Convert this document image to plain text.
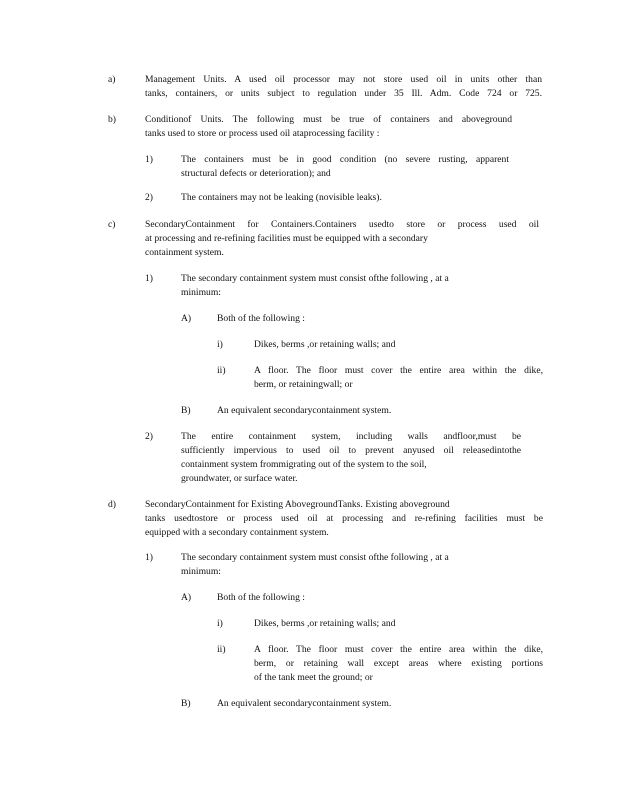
a)	Management Units. A used oil processor may not store used oil in units other than
tanks, containers, or units subject to regulation under 35 Ill. Adm. Code 724 or 725.
b)	Conditionof Units. The following must be true of containers and aboveground
tanks used to store or process used oil ataprocessing facility :
1)	The containers must be in good condition (no severe rusting, apparent
structural defects or deterioration); and
2)	The containers may not be leaking (novisible leaks).
c)	SecondaryContainment for Containers.Containers usedto store or process used oil
at processing and re-refining facilities must be equipped with a secondary
containment system.
1)	The secondary containment system must consist ofthe following , at a
minimum:
A)	Both of the following :
i)	Dikes, berms ,or retaining walls; and
ii)	A floor. The floor must cover the entire area within the dike,
berm, or retainingwall; or
B)	An equivalent secondarycontainment system.
2)	The entire containment system, including walls andfloor,must be
sufficiently impervious to used oil to prevent anyused oil releasedintothe
containment system frommigrating out of the system to the soil,
groundwater, or surface water.
d)	SecondaryContainment for Existing AbovegroundTanks. Existing aboveground
tanks usedtostore or process used oil at processing and re-refining facilities must be
equipped with a secondary containment system.
1)	The secondary containment system must consist ofthe following , at a
minimum:
A)	Both of the following :
i)	Dikes, berms ,or retaining walls; and
ii)	A floor. The floor must cover the entire area within the dike,
berm, or retaining wall except areas where existing portions
of the tank meet the ground; or
B)	An equivalent secondarycontainment system.
